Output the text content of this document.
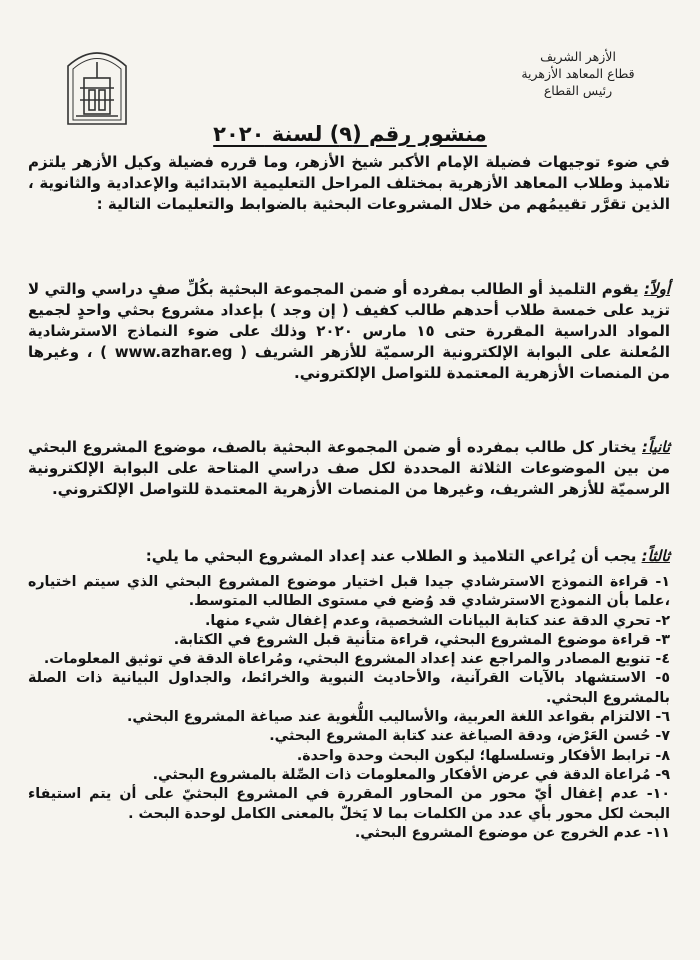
الأزهر الشريف
قطاع المعاهد الأزهرية
رئيس القطاع
منشور رقم (٩) لسنة ٢٠٢٠
في ضوء توجيهات فضيلة الإمام الأكبر شيخ الأزهر، وما قرره فضيلة وكيل الأزهر يلتزم تلاميذ وطلاب المعاهد الأزهرية بمختلف المراحل التعليمية الابتدائية والإعدادية والثانوية ، الذين تقرَّر تقييمُهم من خلال المشروعات البحثية بالضوابط والتعليمات التالية :
أولاً: يقوم التلميذ أو الطالب بمفرده أو ضمن المجموعة البحثية بكُلِّ صفٍ دراسي والتي لا تزيد على خمسة طلاب أحدهم طالب كفيف ( إن وجد ) بإعداد مشروع بحثي واحدٍ لجميع المواد الدراسية المقررة حتى ١٥ مارس ٢٠٢٠ وذلك على ضوء النماذج الاسترشادية المُعلنة على البوابة الإلكترونية الرسميّة للأزهر الشريف ( www.azhar.eg ) ، وغيرها من المنصات الأزهرية المعتمدة للتواصل الإلكتروني.
ثانياً: يختار كل طالب بمفرده أو ضمن المجموعة البحثية بالصف، موضوع المشروع البحثي من بين الموضوعات الثلاثة المحددة لكل صف دراسي المتاحة على البوابة الإلكترونية الرسميّة للأزهر الشريف، وغيرها من المنصات الأزهرية المعتمدة للتواصل الإلكتروني.
ثالثاً: يجب أن يُراعي التلاميذ و الطلاب عند إعداد المشروع البحثي ما يلي:
١- قراءة النموذج الاسترشادي جيدا قبل اختيار موضوع المشروع البحثي الذي سيتم اختياره ،علما بأن النموذج الاسترشادي قد وُضع في مستوى الطالب المتوسط.
٢- تحري الدقة عند كتابة البيانات الشخصية، وعدم إغفال شيء منها.
٣- قراءة موضوع المشروع البحثي، قراءة متأنية قبل الشروع في الكتابة.
٤- تنويع المصادر والمراجع عند إعداد المشروع البحثي، ومُراعاة الدقة في توثيق المعلومات.
٥- الاستشهاد بالآيات القرآنية، والأحاديث النبوية والخرائط، والجداول البيانية ذات الصلة بالمشروع البحثي.
٦- الالتزام بقواعد اللغة العربية، والأساليب اللُّغوية عند صياغة المشروع البحثي.
٧- حُسن العَرْض، ودقة الصياغة عند كتابة المشروع البحثي.
٨- ترابط الأفكار وتسلسلها؛ ليكون البحث وحدة واحدة.
٩- مُراعاة الدقة في عرض الأفكار والمعلومات ذات الصِّلة بالمشروع البحثي.
١٠- عدم إغفال أيّ محور من المحاور المقررة في المشروع البحثيّ على أن يتم استيفاء البحث لكل محور بأي عدد من الكلمات بما لا يَخلّ بالمعنى الكامل لوحدة البحث .
١١- عدم الخروج عن موضوع المشروع البحثي.
